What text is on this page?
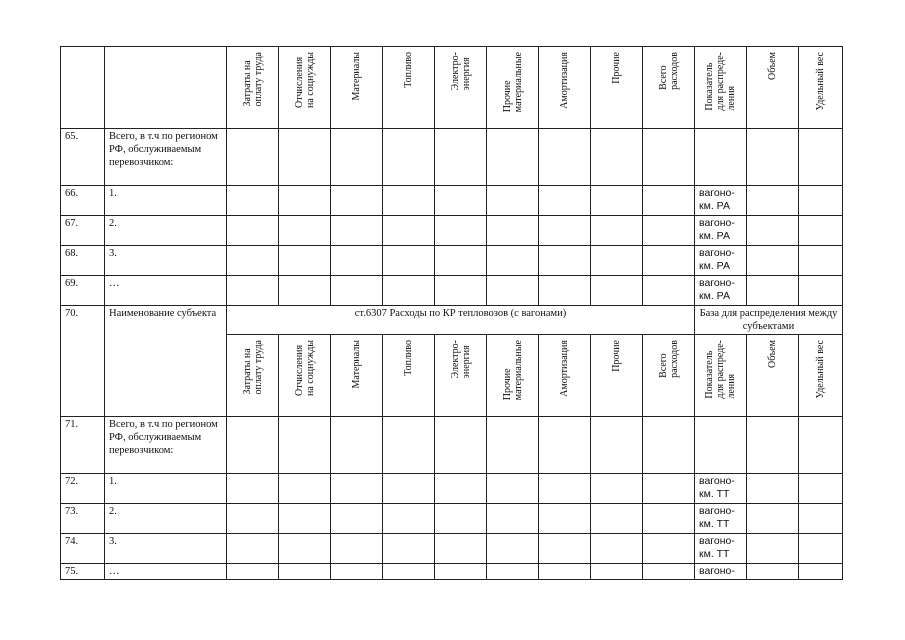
		Затраты на
оплату труда	Отчисления
на соцнужды	Материалы	Топливо	Электро-
энергия	Прочие
материальные	Амортизация	Прочие	Всего
расходов	Показатель
для распреде-
ления	Объем	Удельный вес

65.	Всего, в т.ч по регионом РФ, обслуживаемым перевозчиком:												
66.	1.										вагоно-км. РА		
67.	2.										вагоно-км. РА		
68.	3.										вагоно-км. РА		
69.	…										вагоно-км. РА		
70.	Наименование субъекта	ст.6307 Расходы по КР тепловозов (с вагонами)									База для распределения между субъектами		

		Затраты на
оплату труда	Отчисления
на соцнужды	Материалы	Топливо	Электро-
энергия	Прочие
материальные	Амортизация	Прочие	Всего
расходов	Показатель
для распреде-
ления	Объем	Удельный вес

71.	Всего, в т.ч по регионом РФ, обслуживаемым перевозчиком:												
72.	1.										вагоно-км. ТТ		
73.	2.										вагоно-км. ТТ		
74.	3.										вагоно-км. ТТ		
75.	…										вагоно-		
